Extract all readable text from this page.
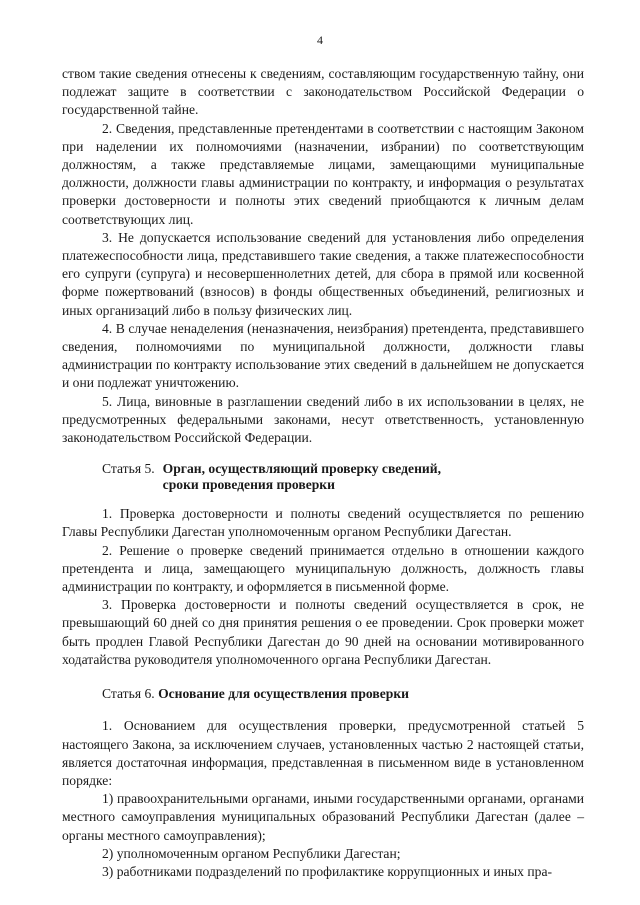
4

ством такие сведения отнесены к сведениям, составляющим государственную тайну, они подлежат защите в соответствии с законодательством Российской Федерации о государственной тайне.

2. Сведения, представленные претендентами в соответствии с настоящим Законом при наделении их полномочиями (назначении, избрании) по соответствующим должностям, а также представляемые лицами, замещающими муниципальные должности, должности главы администрации по контракту, и информация о результатах проверки достоверности и полноты этих сведений приобщаются к личным делам соответствующих лиц.

3. Не допускается использование сведений для установления либо определения платежеспособности лица, представившего такие сведения, а также платежеспособности его супруги (супруга) и несовершеннолетних детей, для сбора в прямой или косвенной форме пожертвований (взносов) в фонды общественных объединений, религиозных и иных организаций либо в пользу физических лиц.

4. В случае ненаделения (неназначения, неизбрания) претендента, представившего сведения, полномочиями по муниципальной должности, должности главы администрации по контракту использование этих сведений в дальнейшем не допускается и они подлежат уничтожению.

5. Лица, виновные в разглашении сведений либо в их использовании в целях, не предусмотренных федеральными законами, несут ответственность, установленную законодательством Российской Федерации.

Статья 5. Орган, осуществляющий проверку сведений,
сроки проведения проверки

1. Проверка достоверности и полноты сведений осуществляется по решению Главы Республики Дагестан уполномоченным органом Республики Дагестан.

2. Решение о проверке сведений принимается отдельно в отношении каждого претендента и лица, замещающего муниципальную должность, должность главы администрации по контракту, и оформляется в письменной форме.

3. Проверка достоверности и полноты сведений осуществляется в срок, не превышающий 60 дней со дня принятия решения о ее проведении. Срок проверки может быть продлен Главой Республики Дагестан до 90 дней на основании мотивированного ходатайства руководителя уполномоченного органа Республики Дагестан.

Статья 6. Основание для осуществления проверки

1. Основанием для осуществления проверки, предусмотренной статьей 5 настоящего Закона, за исключением случаев, установленных частью 2 настоящей статьи, является достаточная информация, представленная в письменном виде в установленном порядке:

1) правоохранительными органами, иными государственными органами, органами местного самоуправления муниципальных образований Республики Дагестан (далее – органы местного самоуправления);

2) уполномоченным органом Республики Дагестан;

3) работниками подразделений по профилактике коррупционных и иных пра-
